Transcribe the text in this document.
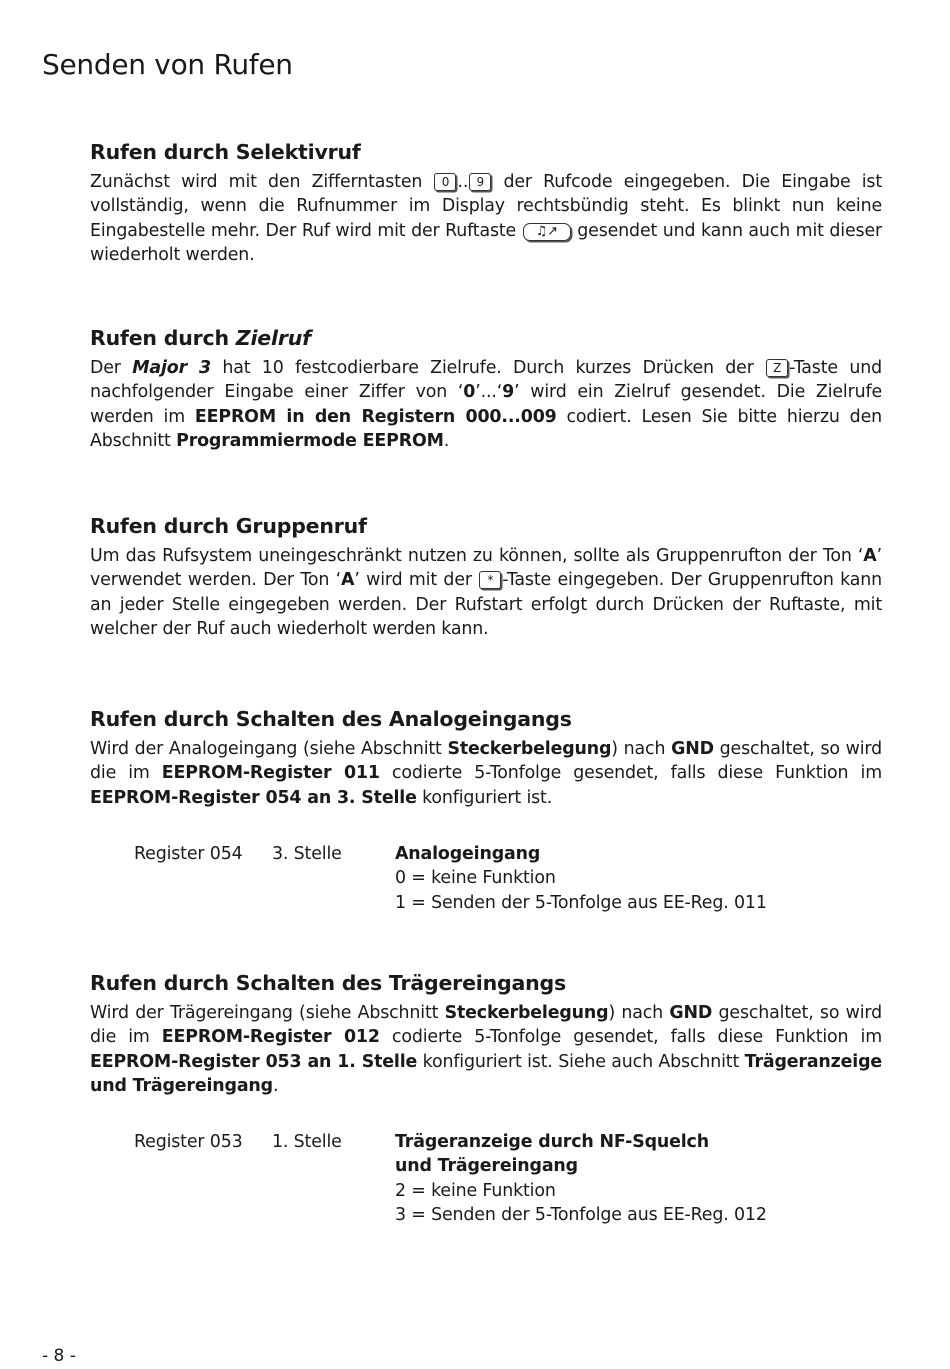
Senden von Rufen
Rufen durch Selektivruf

Zunächst wird mit den Zifferntasten 0 .. 9 der Rufcode eingegeben. Die Eingabe ist vollständig, wenn die Rufnummer im Display rechtsbündig steht. Es blinkt nun keine Eingabestelle mehr. Der Ruf wird mit der Ruftaste ♫↗ gesendet und kann auch mit dieser wiederholt werden.

Rufen durch Zielruf

Der Major 3 hat 10 festcodierbare Zielrufe. Durch kurzes Drücken der Z -Taste und nachfolgender Eingabe einer Ziffer von ‘0’...‘9’ wird ein Zielruf gesendet. Die Zielrufe werden im EEPROM in den Registern 000...009 codiert. Lesen Sie bitte hierzu den Abschnitt Programmiermode EEPROM.

Rufen durch Gruppenruf

Um das Rufsystem uneingeschränkt nutzen zu können, sollte als Gruppenrufton der Ton ‘A’ verwendet werden. Der Ton ‘A’ wird mit der * -Taste eingegeben. Der Gruppenrufton kann an jeder Stelle eingegeben werden. Der Rufstart erfolgt durch Drücken der Ruftaste, mit welcher der Ruf auch wiederholt werden kann.

Rufen durch Schalten des Analogeingangs

Wird der Analogeingang (siehe Abschnitt Steckerbelegung) nach GND geschaltet, so wird die im EEPROM-Register 011 codierte 5-Tonfolge gesendet, falls diese Funktion im EEPROM-Register 054 an 3. Stelle konfiguriert ist.

Register 054 3. Stelle	Analogeingang
0 = keine Funktion
1 = Senden der 5-Tonfolge aus EE-Reg. 011
Rufen durch Schalten des Trägereingangs

Wird der Trägereingang (siehe Abschnitt Steckerbelegung) nach GND geschaltet, so wird die im EEPROM-Register 012 codierte 5-Tonfolge gesendet, falls diese Funktion im EEPROM-Register 053 an 1. Stelle konfiguriert ist. Siehe auch Abschnitt Trägeranzeige und Trägereingang.

Register 053 1. Stelle	Trägeranzeige durch NF-Squelch
und Trägereingang
2 = keine Funktion
3 = Senden der 5-Tonfolge aus EE-Reg. 012
- 8 -
